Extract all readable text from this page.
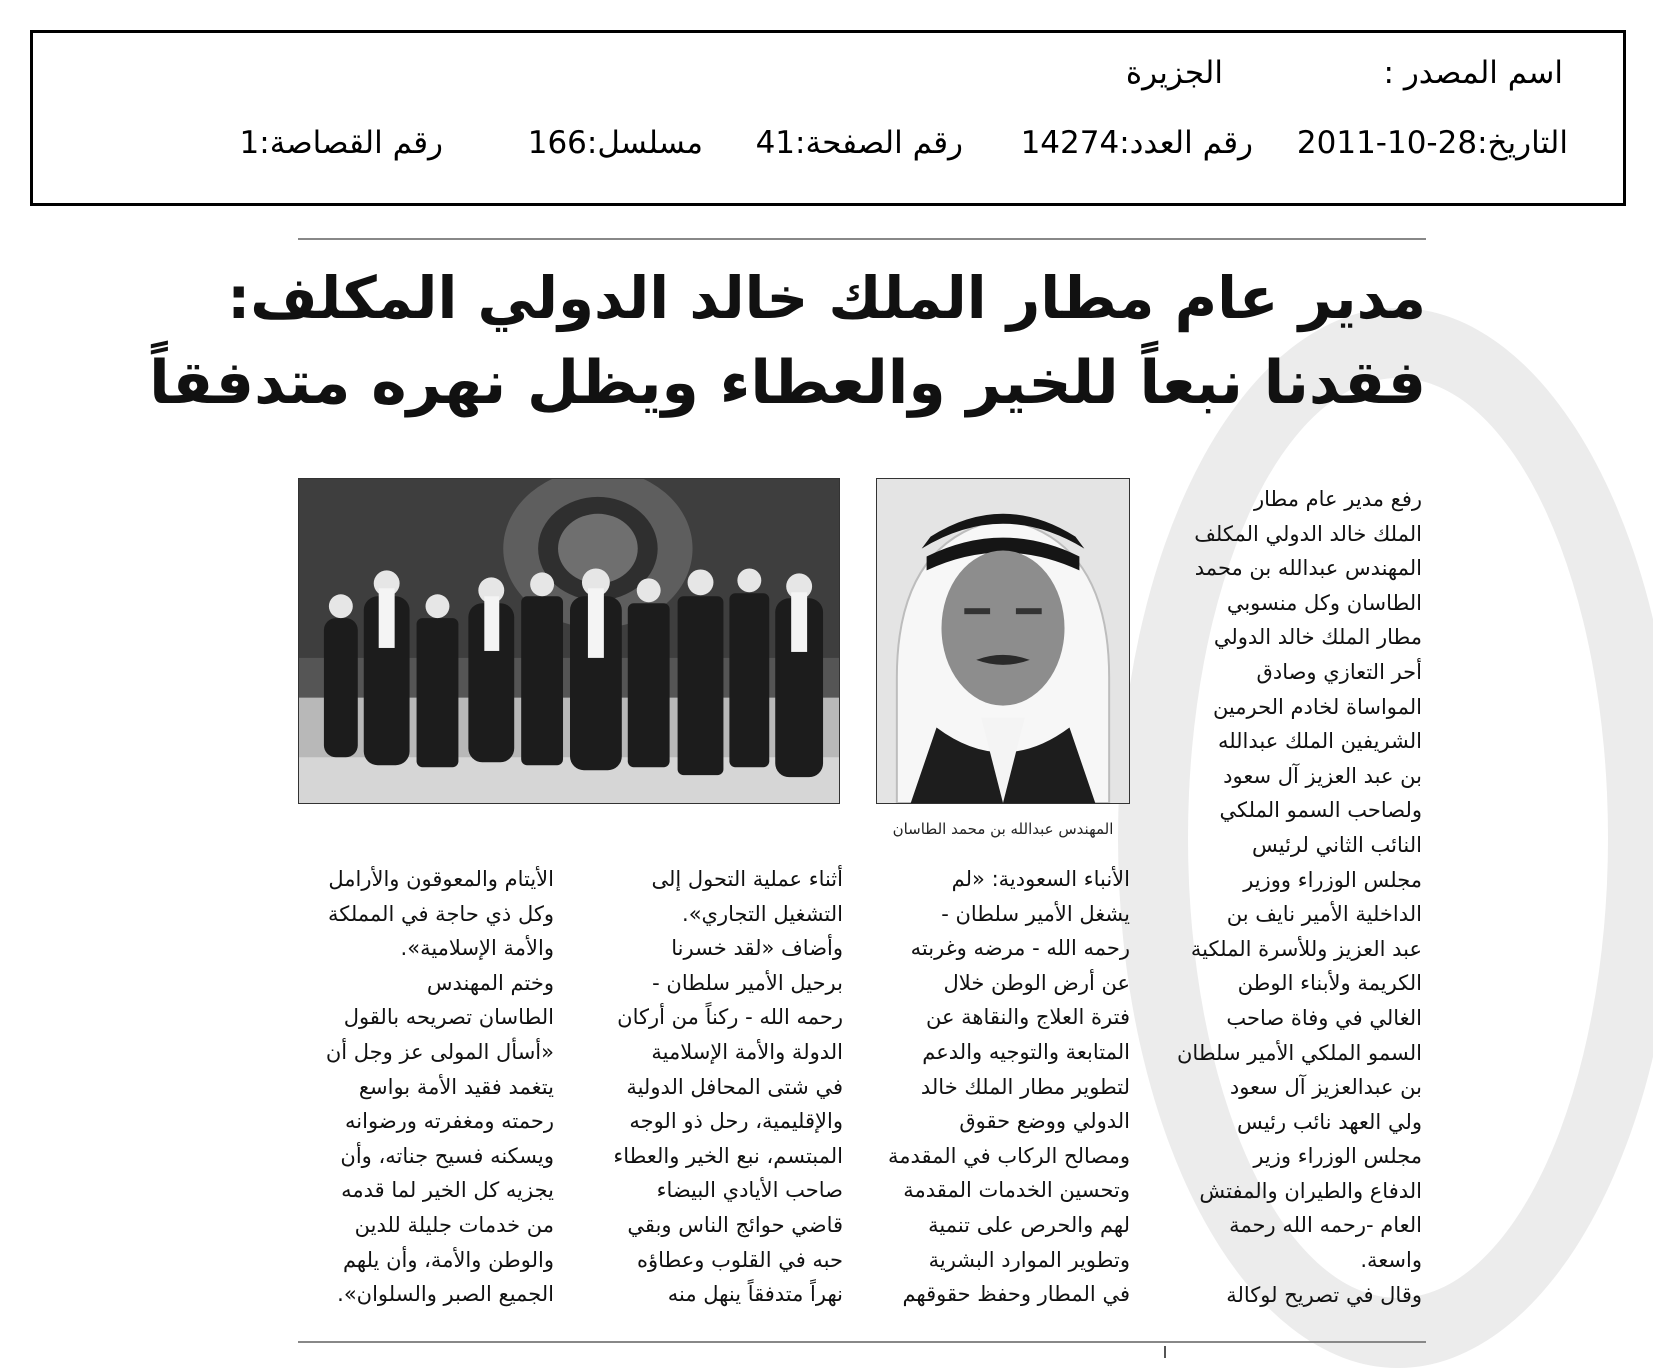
اسم المصدر :
الجزيرة
التاريخ:
2011-10-28
رقم العدد:
14274
رقم الصفحة:
41
مسلسل:
166
رقم القصاصة:
1
مدير عام مطار الملك خالد الدولي المكلف:
فقدنا نبعاً للخير والعطاء ويظل نهره متدفقاً
المهندس عبدالله بن محمد الطاسان
رفع مدير عام مطار
الملك خالد الدولي المكلف
المهندس عبدالله بن محمد
الطاسان وكل منسوبي
مطار الملك خالد الدولي
أحر التعازي وصادق
المواساة لخادم الحرمين
الشريفين الملك عبدالله
بن عبد العزيز آل سعود
ولصاحب السمو الملكي
النائب الثاني لرئيس
مجلس الوزراء ووزير
الداخلية الأمير نايف بن
عبد العزيز وللأسرة الملكية
الكريمة ولأبناء الوطن
الغالي في وفاة صاحب
السمو الملكي الأمير سلطان
بن عبدالعزيز آل سعود
ولي العهد نائب رئيس
مجلس الوزراء وزير
الدفاع والطيران والمفتش
العام -رحمه الله رحمة
واسعة.
وقال في تصريح لوكالة
الأنباء السعودية: «لم
يشغل الأمير سلطان -
رحمه الله - مرضه وغربته
عن أرض الوطن خلال
فترة العلاج والنقاهة عن
المتابعة والتوجيه والدعم
لتطوير مطار الملك خالد
الدولي ووضع حقوق
ومصالح الركاب في المقدمة
وتحسين الخدمات المقدمة
لهم والحرص على تنمية
وتطوير الموارد البشرية
في المطار وحفظ حقوقهم
أثناء عملية التحول إلى
التشغيل التجاري».
وأضاف «لقد خسرنا
برحيل الأمير سلطان -
رحمه الله - ركناً من أركان
الدولة والأمة الإسلامية
في شتى المحافل الدولية
والإقليمية، رحل ذو الوجه
المبتسم، نبع الخير والعطاء
صاحب الأيادي البيضاء
قاضي حوائج الناس وبقي
حبه في القلوب وعطاؤه
نهراً متدفقاً ينهل منه
الأيتام والمعوقون والأرامل
وكل ذي حاجة في المملكة
والأمة الإسلامية».
وختم المهندس
الطاسان تصريحه بالقول
«أسأل المولى عز وجل أن
يتغمد فقيد الأمة بواسع
رحمته ومغفرته ورضوانه
ويسكنه فسيح جناته، وأن
يجزيه كل الخير لما قدمه
من خدمات جليلة للدين
والوطن والأمة، وأن يلهم
الجميع الصبر والسلوان».
